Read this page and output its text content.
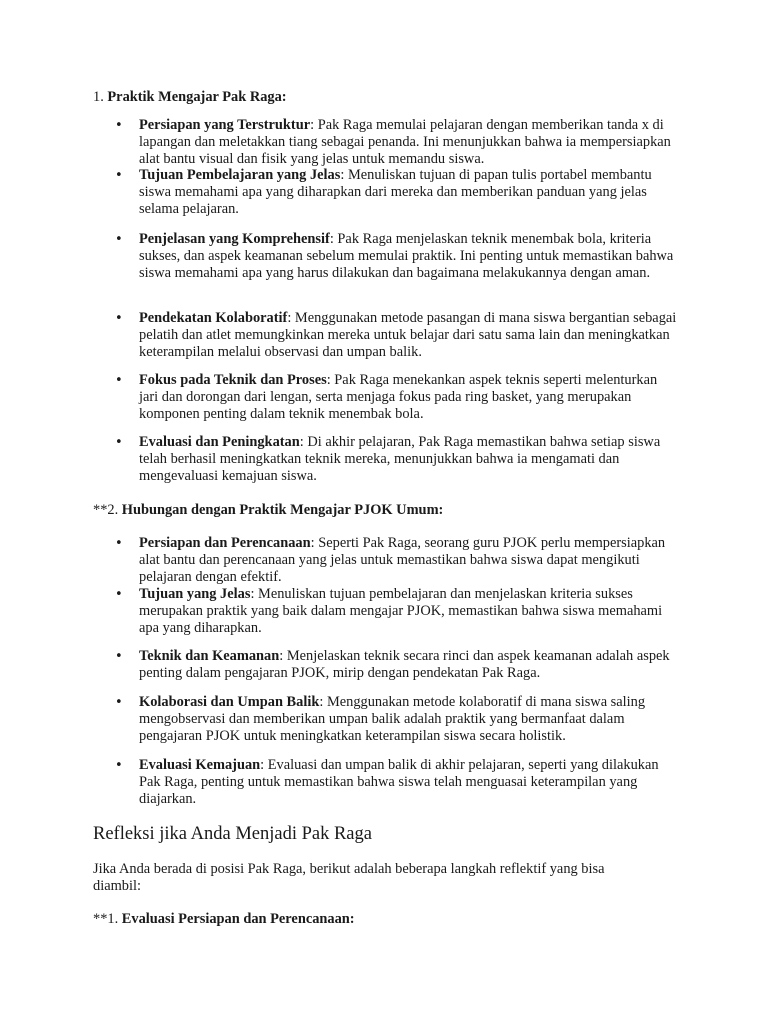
1. Praktik Mengajar Pak Raga:
• Persiapan yang Terstruktur: Pak Raga memulai pelajaran dengan memberikan tanda x di lapangan dan meletakkan tiang sebagai penanda. Ini menunjukkan bahwa ia mempersiapkan alat bantu visual dan fisik yang jelas untuk memandu siswa.
• Tujuan Pembelajaran yang Jelas: Menuliskan tujuan di papan tulis portabel membantu siswa memahami apa yang diharapkan dari mereka dan memberikan panduan yang jelas selama pelajaran.
• Penjelasan yang Komprehensif: Pak Raga menjelaskan teknik menembak bola, kriteria sukses, dan aspek keamanan sebelum memulai praktik. Ini penting untuk memastikan bahwa siswa memahami apa yang harus dilakukan dan bagaimana melakukannya dengan aman.
• Pendekatan Kolaboratif: Menggunakan metode pasangan di mana siswa bergantian sebagai pelatih dan atlet memungkinkan mereka untuk belajar dari satu sama lain dan meningkatkan keterampilan melalui observasi dan umpan balik.
• Fokus pada Teknik dan Proses: Pak Raga menekankan aspek teknis seperti melenturkan jari dan dorongan dari lengan, serta menjaga fokus pada ring basket, yang merupakan komponen penting dalam teknik menembak bola.
• Evaluasi dan Peningkatan: Di akhir pelajaran, Pak Raga memastikan bahwa setiap siswa telah berhasil meningkatkan teknik mereka, menunjukkan bahwa ia mengamati dan mengevaluasi kemajuan siswa.
**2. Hubungan dengan Praktik Mengajar PJOK Umum:
• Persiapan dan Perencanaan: Seperti Pak Raga, seorang guru PJOK perlu mempersiapkan alat bantu dan perencanaan yang jelas untuk memastikan bahwa siswa dapat mengikuti pelajaran dengan efektif.
• Tujuan yang Jelas: Menuliskan tujuan pembelajaran dan menjelaskan kriteria sukses merupakan praktik yang baik dalam mengajar PJOK, memastikan bahwa siswa memahami apa yang diharapkan.
• Teknik dan Keamanan: Menjelaskan teknik secara rinci dan aspek keamanan adalah aspek penting dalam pengajaran PJOK, mirip dengan pendekatan Pak Raga.
• Kolaborasi dan Umpan Balik: Menggunakan metode kolaboratif di mana siswa saling mengobservasi dan memberikan umpan balik adalah praktik yang bermanfaat dalam pengajaran PJOK untuk meningkatkan keterampilan siswa secara holistik.
• Evaluasi Kemajuan: Evaluasi dan umpan balik di akhir pelajaran, seperti yang dilakukan Pak Raga, penting untuk memastikan bahwa siswa telah menguasai keterampilan yang diajarkan.
Refleksi jika Anda Menjadi Pak Raga
Jika Anda berada di posisi Pak Raga, berikut adalah beberapa langkah reflektif yang bisa diambil:
**1. Evaluasi Persiapan dan Perencanaan:
